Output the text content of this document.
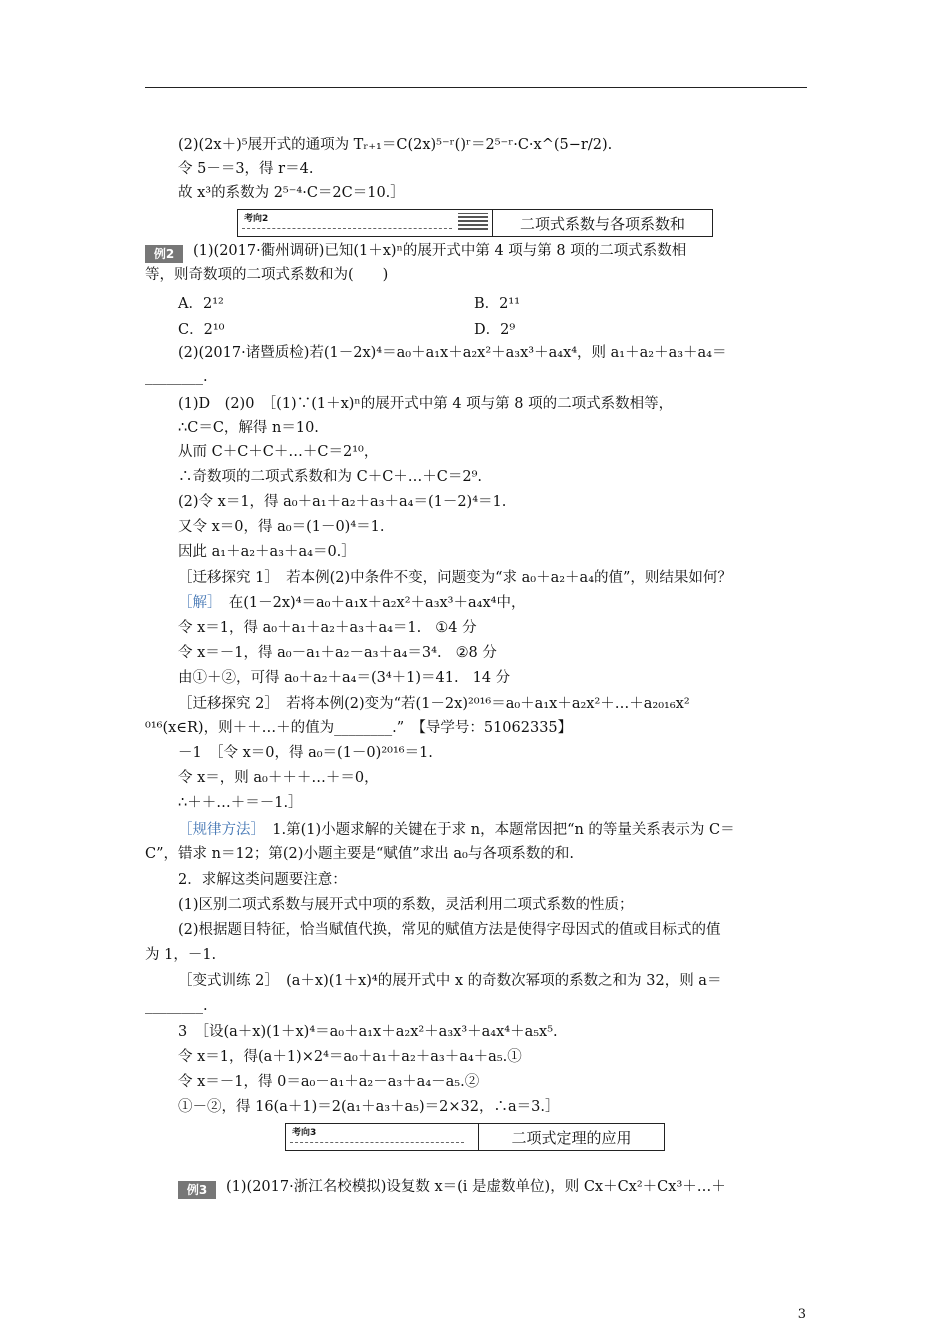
(2)(2x＋)⁵展开式的通项为 Tᵣ₊₁＝C(2x)⁵⁻ʳ()ʳ＝2⁵⁻ʳ·C·x^(5−r/2).
令 5－＝3，得 r＝4.
故 x³的系数为 2⁵⁻⁴·C＝2C＝10.］
考向2	二项式系数与各项系数和
例2 (1)(2017·衢州调研)已知(1＋x)ⁿ的展开式中第 4 项与第 8 项的二项式系数相
等，则奇数项的二项式系数和为(　　)
A．2¹²	B．2¹¹
C．2¹⁰	D．2⁹
(2)(2017·诸暨质检)若(1－2x)⁴＝a₀＋a₁x＋a₂x²＋a₃x³＋a₄x⁴，则 a₁＋a₂＋a₃＋a₄＝
________.
(1)D　(2)0　［(1)∵(1＋x)ⁿ的展开式中第 4 项与第 8 项的二项式系数相等，
∴C＝C，解得 n＝10.
从而 C＋C＋C＋…＋C＝2¹⁰，
∴奇数项的二项式系数和为 C＋C＋…＋C＝2⁹.
(2)令 x＝1，得 a₀＋a₁＋a₂＋a₃＋a₄＝(1－2)⁴＝1.
又令 x＝0，得 a₀＝(1－0)⁴＝1.
因此 a₁＋a₂＋a₃＋a₄＝0.］
［迁移探究 1］　若本例(2)中条件不变，问题变为“求 a₀＋a₂＋a₄的值”，则结果如何？
［解］　 在(1－2x)⁴＝a₀＋a₁x＋a₂x²＋a₃x³＋a₄x⁴中，
令 x＝1，得 a₀＋a₁＋a₂＋a₃＋a₄＝1. ①4 分
令 x＝－1，得 a₀－a₁＋a₂－a₃＋a₄＝3⁴. ②8 分
由①＋②，可得 a₀＋a₂＋a₄＝(3⁴＋1)＝41. 14 分
［迁移探究 2］　若将本例(2)变为“若(1－2x)²⁰¹⁶＝a₀＋a₁x＋a₂x²＋…＋a₂₀₁₆x²
⁰¹⁶(x∈R)，则＋＋…＋的值为________.”　【导学号：51062335】
－1　［令 x＝0，得 a₀＝(1－0)²⁰¹⁶＝1.
令 x＝，则 a₀＋＋＋…＋＝0，
∴＋＋…＋＝－1.］
［规律方法］　 1.第(1)小题求解的关键在于求 n，本题常因把“n 的等量关系表示为 C＝
C”，错求 n＝12；第(2)小题主要是“赋值”求出 a₀与各项系数的和.
2．求解这类问题要注意：
(1)区别二项式系数与展开式中项的系数，灵活利用二项式系数的性质；
(2)根据题目特征，恰当赋值代换，常见的赋值方法是使得字母因式的值或目标式的值
为 1，－1.
［变式训练 2］　(a＋x)(1＋x)⁴的展开式中 x 的奇数次幂项的系数之和为 32，则 a＝
________.
3　［设(a＋x)(1＋x)⁴＝a₀＋a₁x＋a₂x²＋a₃x³＋a₄x⁴＋a₅x⁵.
令 x＝1，得(a＋1)×2⁴＝a₀＋a₁＋a₂＋a₃＋a₄＋a₅.①
令 x＝－1，得 0＝a₀－a₁＋a₂－a₃＋a₄－a₅.②
①－②，得 16(a＋1)＝2(a₁＋a₃＋a₅)＝2×32，∴a＝3.］
考向3	二项式定理的应用
例3 (1)(2017·浙江名校模拟)设复数 x＝(i 是虚数单位)，则 Cx＋Cx²＋Cx³＋…＋
3
